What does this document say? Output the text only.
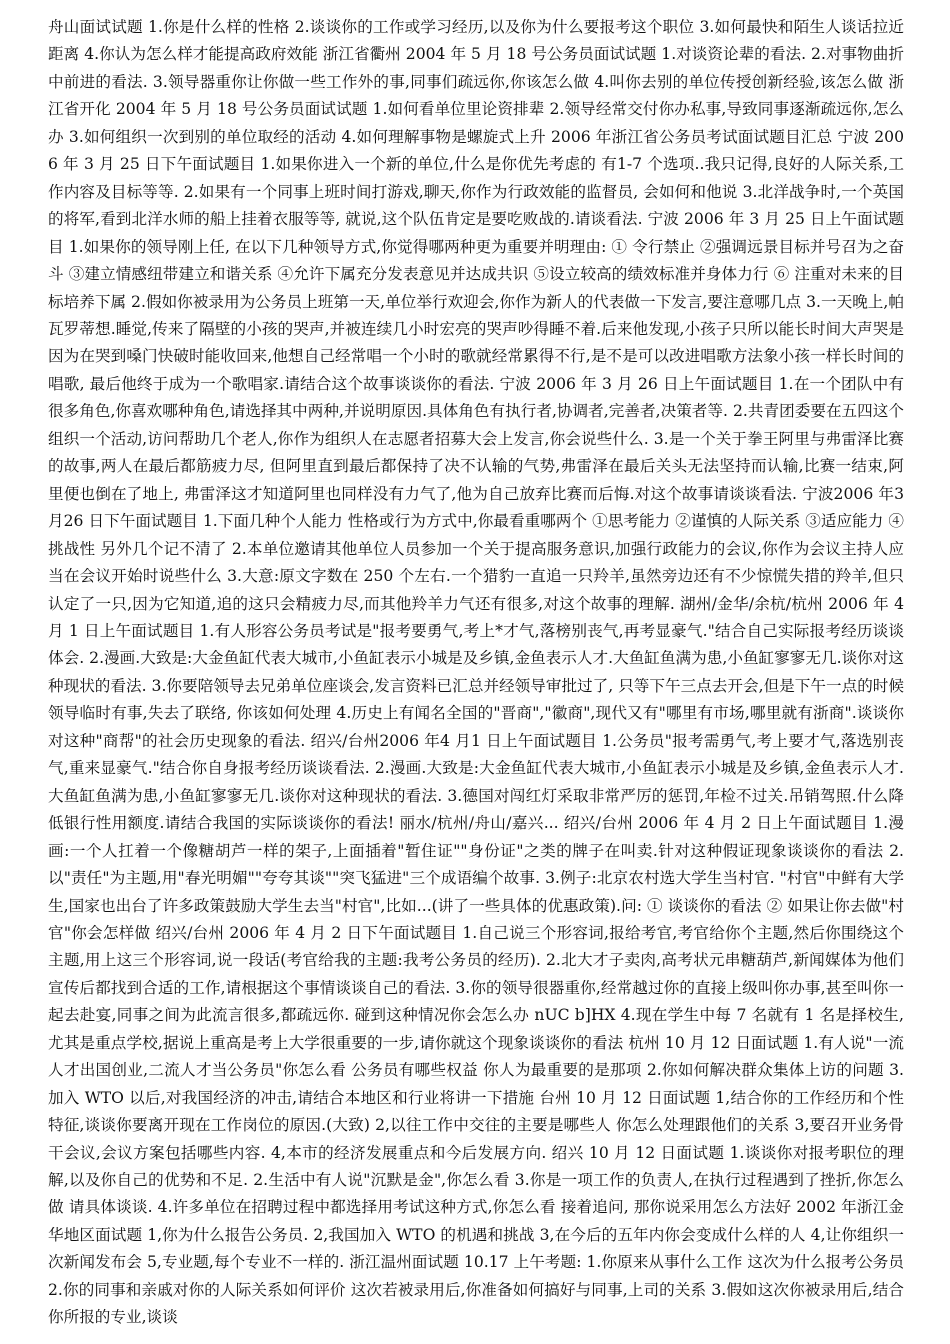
舟山面试试题 1.你是什么样的性格 2.谈谈你的工作或学习经历,以及你为什么要报考这个职位 3.如何最快和陌生人谈话拉近距离 4.你认为怎么样才能提高政府效能 浙江省衢州 2004 年 5 月 18 号公务员面试试题 1.对谈资论辈的看法. 2.对事物曲折中前进的看法. 3.领导器重你让你做一些工作外的事,同事们疏远你,你该怎么做 4.叫你去别的单位传授创新经验,该怎么做 浙江省开化 2004 年 5 月 18 号公务员面试试题 1.如何看单位里论资排辈 2.领导经常交付你办私事,导致同事逐渐疏远你,怎么办 3.如何组织一次到别的单位取经的活动 4.如何理解事物是螺旋式上升 2006 年浙江省公务员考试面试题目汇总 宁波 2006 年 3 月 25 日下午面试题目 1.如果你进入一个新的单位,什么是你优先考虑的 有1-7 个选项..我只记得,良好的人际关系,工作内容及目标等等. 2.如果有一个同事上班时间打游戏,聊天,你作为行政效能的监督员, 会如何和他说 3.北洋战争时,一个英国的将军,看到北洋水师的船上挂着衣服等等, 就说,这个队伍肯定是要吃败战的.请谈看法. 宁波 2006 年 3 月 25 日上午面试题目 1.如果你的领导刚上任, 在以下几种领导方式,你觉得哪两种更为重要并明理由: ① 令行禁止 ②强调远景目标并号召为之奋斗 ③建立情感纽带建立和谐关系 ④允许下属充分发表意见并达成共识 ⑤设立较高的绩效标准并身体力行 ⑥ 注重对未来的目标培养下属 2.假如你被录用为公务员上班第一天,单位举行欢迎会,你作为新人的代表做一下发言,要注意哪几点 3.一天晚上,帕瓦罗蒂想.睡觉,传来了隔壁的小孩的哭声,并被连续几小时宏亮的哭声吵得睡不着.后来他发现,小孩子只所以能长时间大声哭是因为在哭到嗓门快破时能收回来,他想自己经常唱一个小时的歌就经常累得不行,是不是可以改进唱歌方法象小孩一样长时间的唱歌, 最后他终于成为一个歌唱家.请结合这个故事谈谈你的看法. 宁波 2006 年 3 月 26 日上午面试题目 1.在一个团队中有很多角色,你喜欢哪种角色,请选择其中两种,并说明原因.具体角色有执行者,协调者,完善者,决策者等. 2.共青团委要在五四这个组织一个活动,访问帮助几个老人,你作为组织人在志愿者招募大会上发言,你会说些什么. 3.是一个关于拳王阿里与弗雷泽比赛的故事,两人在最后都筋疲力尽, 但阿里直到最后都保持了决不认输的气势,弗雷泽在最后关头无法坚持而认输,比赛一结束,阿里便也倒在了地上, 弗雷泽这才知道阿里也同样没有力气了,他为自己放弃比赛而后悔.对这个故事请谈谈看法. 宁波2006 年3 月26 日下午面试题目 1.下面几种个人能力 性格或行为方式中,你最看重哪两个 ①思考能力 ②谨慎的人际关系 ③适应能力 ④挑战性 另外几个记不清了 2.本单位邀请其他单位人员参加一个关于提高服务意识,加强行政能力的会议,你作为会议主持人应当在会议开始时说些什么 3.大意:原文字数在 250 个左右.一个猎豹一直追一只羚羊,虽然旁边还有不少惊慌失措的羚羊,但只认定了一只,因为它知道,追的这只会精疲力尽,而其他羚羊力气还有很多,对这个故事的理解. 湖州/金华/余杭/杭州 2006 年 4 月 1 日上午面试题目 1.有人形容公务员考试是"报考要勇气,考上*才气,落榜别丧气,再考显豪气."结合自己实际报考经历谈谈体会. 2.漫画.大致是:大金鱼缸代表大城市,小鱼缸表示小城是及乡镇,金鱼表示人才.大鱼缸鱼满为患,小鱼缸寥寥无几.谈你对这种现状的看法. 3.你要陪领导去兄弟单位座谈会,发言资料已汇总并经领导审批过了, 只等下午三点去开会,但是下午一点的时候领导临时有事,失去了联络, 你该如何处理 4.历史上有闻名全国的"晋商","徽商",现代又有"哪里有市场,哪里就有浙商".谈谈你对这种"商帮"的社会历史现象的看法. 绍兴/台州2006 年4 月1 日上午面试题目 1.公务员"报考需勇气,考上要才气,落选别丧气,重来显豪气."结合你自身报考经历谈谈看法. 2.漫画.大致是:大金鱼缸代表大城市,小鱼缸表示小城是及乡镇,金鱼表示人才.大鱼缸鱼满为患,小鱼缸寥寥无几.谈你对这种现状的看法. 3.德国对闯红灯采取非常严厉的惩罚,年检不过关.吊销驾照.什么降低银行性用额度.请结合我国的实际谈谈你的看法! 丽水/杭州/舟山/嘉兴... 绍兴/台州 2006 年 4 月 2 日上午面试题目 1.漫画:一个人扛着一个像糖胡芦一样的架子,上面插着"暂住证""身份证"之类的牌子在叫卖.针对这种假证现象谈谈你的看法 2.以"责任"为主题,用"春光明媚""夸夸其谈""突飞猛进"三个成语编个故事. 3.例子:北京农村选大学生当村官. "村官"中鲜有大学生,国家也出台了许多政策鼓励大学生去当"村官",比如...(讲了一些具体的优惠政策).问: ① 谈谈你的看法 ② 如果让你去做"村官"你会怎样做 绍兴/台州 2006 年 4 月 2 日下午面试题目 1.自己说三个形容词,报给考官,考官给你个主题,然后你围绕这个主题,用上这三个形容词,说一段话(考官给我的主题:我考公务员的经历). 2.北大才子卖肉,高考状元串糖葫芦,新闻媒体为他们宣传后都找到合适的工作,请根据这个事情谈谈自己的看法. 3.你的领导很器重你,经常越过你的直接上级叫你办事,甚至叫你一起去赴宴,同事之间为此流言很多,都疏远你. 碰到这种情况你会怎么办 nUC b]HX 4.现在学生中每 7 名就有 1 名是择校生,尤其是重点学校,据说上重高是考上大学很重要的一步,请你就这个现象谈谈你的看法 杭州 10 月 12 日面试题 1.有人说"一流人才出国创业,二流人才当公务员"你怎么看 公务员有哪些权益 你人为最重要的是那项 2.你如何解决群众集体上访的问题 3.加入 WTO 以后,对我国经济的冲击,请结合本地区和行业将讲一下措施 台州 10 月 12 日面试题 1,结合你的工作经历和个性特征,谈谈你要离开现在工作岗位的原因.(大致) 2,以往工作中交往的主要是哪些人 你怎么处理跟他们的关系 3,要召开业务骨干会议,会议方案包括哪些内容. 4,本市的经济发展重点和今后发展方向. 绍兴 10 月 12 日面试题 1.谈谈你对报考职位的理解,以及你自己的优势和不足. 2.生活中有人说"沉默是金",你怎么看 3.你是一项工作的负责人,在执行过程遇到了挫折,你怎么做 请具体谈谈. 4.许多单位在招聘过程中都选择用考试这种方式,你怎么看 接着追问, 那你说采用怎么方法好 2002 年浙江金华地区面试题 1,你为什么报告公务员. 2,我国加入 WTO 的机遇和挑战 3,在今后的五年内你会变成什么样的人 4,让你组织一次新闻发布会 5,专业题,每个专业不一样的. 浙江温州面试题 10.17 上午考题: 1.你原来从事什么工作 这次为什么报考公务员 2.你的同事和亲戚对你的人际关系如何评价 这次若被录用后,你准备如何搞好与同事,上司的关系 3.假如这次你被录用后,结合你所报的专业,谈谈
